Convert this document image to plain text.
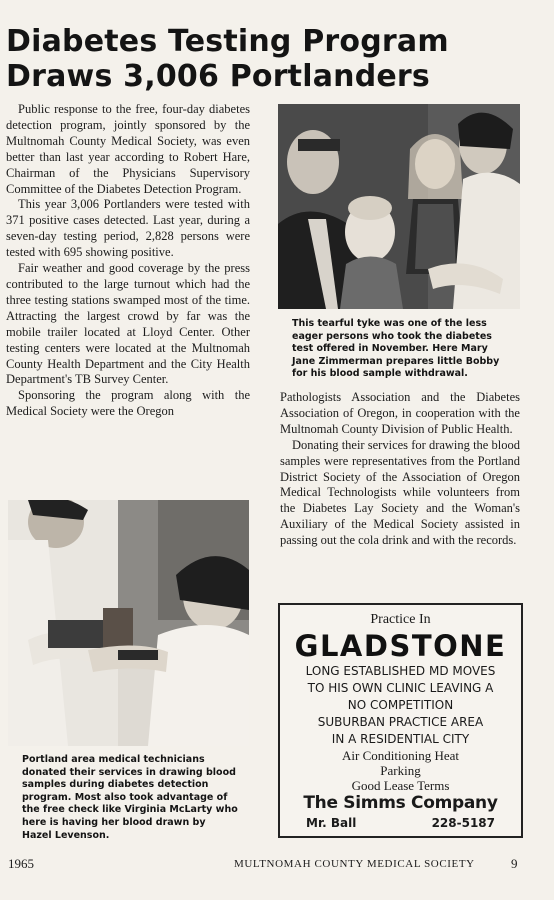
Diabetes Testing Program
Draws 3,006 Portlanders

Public response to the free, four-day diabetes detection program, jointly sponsored by the Multnomah County Medical Society, was even better than last year according to Robert Hare, Chairman of the Physicians Supervisory Committee of the Diabetes Detection Program.

This year 3,006 Portlanders were tested with 371 positive cases detected. Last year, during a seven-day testing period, 2,828 persons were tested with 695 showing positive.

Fair weather and good coverage by the press contributed to the large turnout which had the three testing stations swamped most of the time. Attracting the largest crowd by far was the mobile trailer located at Lloyd Center. Other testing centers were located at the Multnomah County Health Department and the City Health Department's TB Survey Center.

Sponsoring the program along with the Medical Society were the Oregon

This tearful tyke was one of the less eager persons who took the diabetes test offered in November. Here Mary Jane Zimmerman prepares little Bobby for his blood sample withdrawal.

Pathologists Association and the Diabetes Association of Oregon, in cooperation with the Multnomah County Division of Public Health.

Donating their services for drawing the blood samples were representatives from the Portland District Society of the Association of Oregon Medical Technologists while volunteers from the Diabetes Lay Society and the Woman's Auxiliary of the Medical Society assisted in passing out the cola drink and with the records.

Portland area medical technicians donated their services in drawing blood samples during diabetes detection program. Most also took advantage of the free check like Virginia McLarty who here is having her blood drawn by Hazel Levenson.
Practice In
GLADSTONE
LONG ESTABLISHED MD MOVES
TO HIS OWN CLINIC LEAVING A
NO COMPETITION
SUBURBAN PRACTICE AREA
IN A RESIDENTIAL CITY
Air Conditioning Heat
Parking
Good Lease Terms
The Simms Company
Mr. Ball	228-5187
1965	MULTNOMAH COUNTY MEDICAL SOCIETY	9
